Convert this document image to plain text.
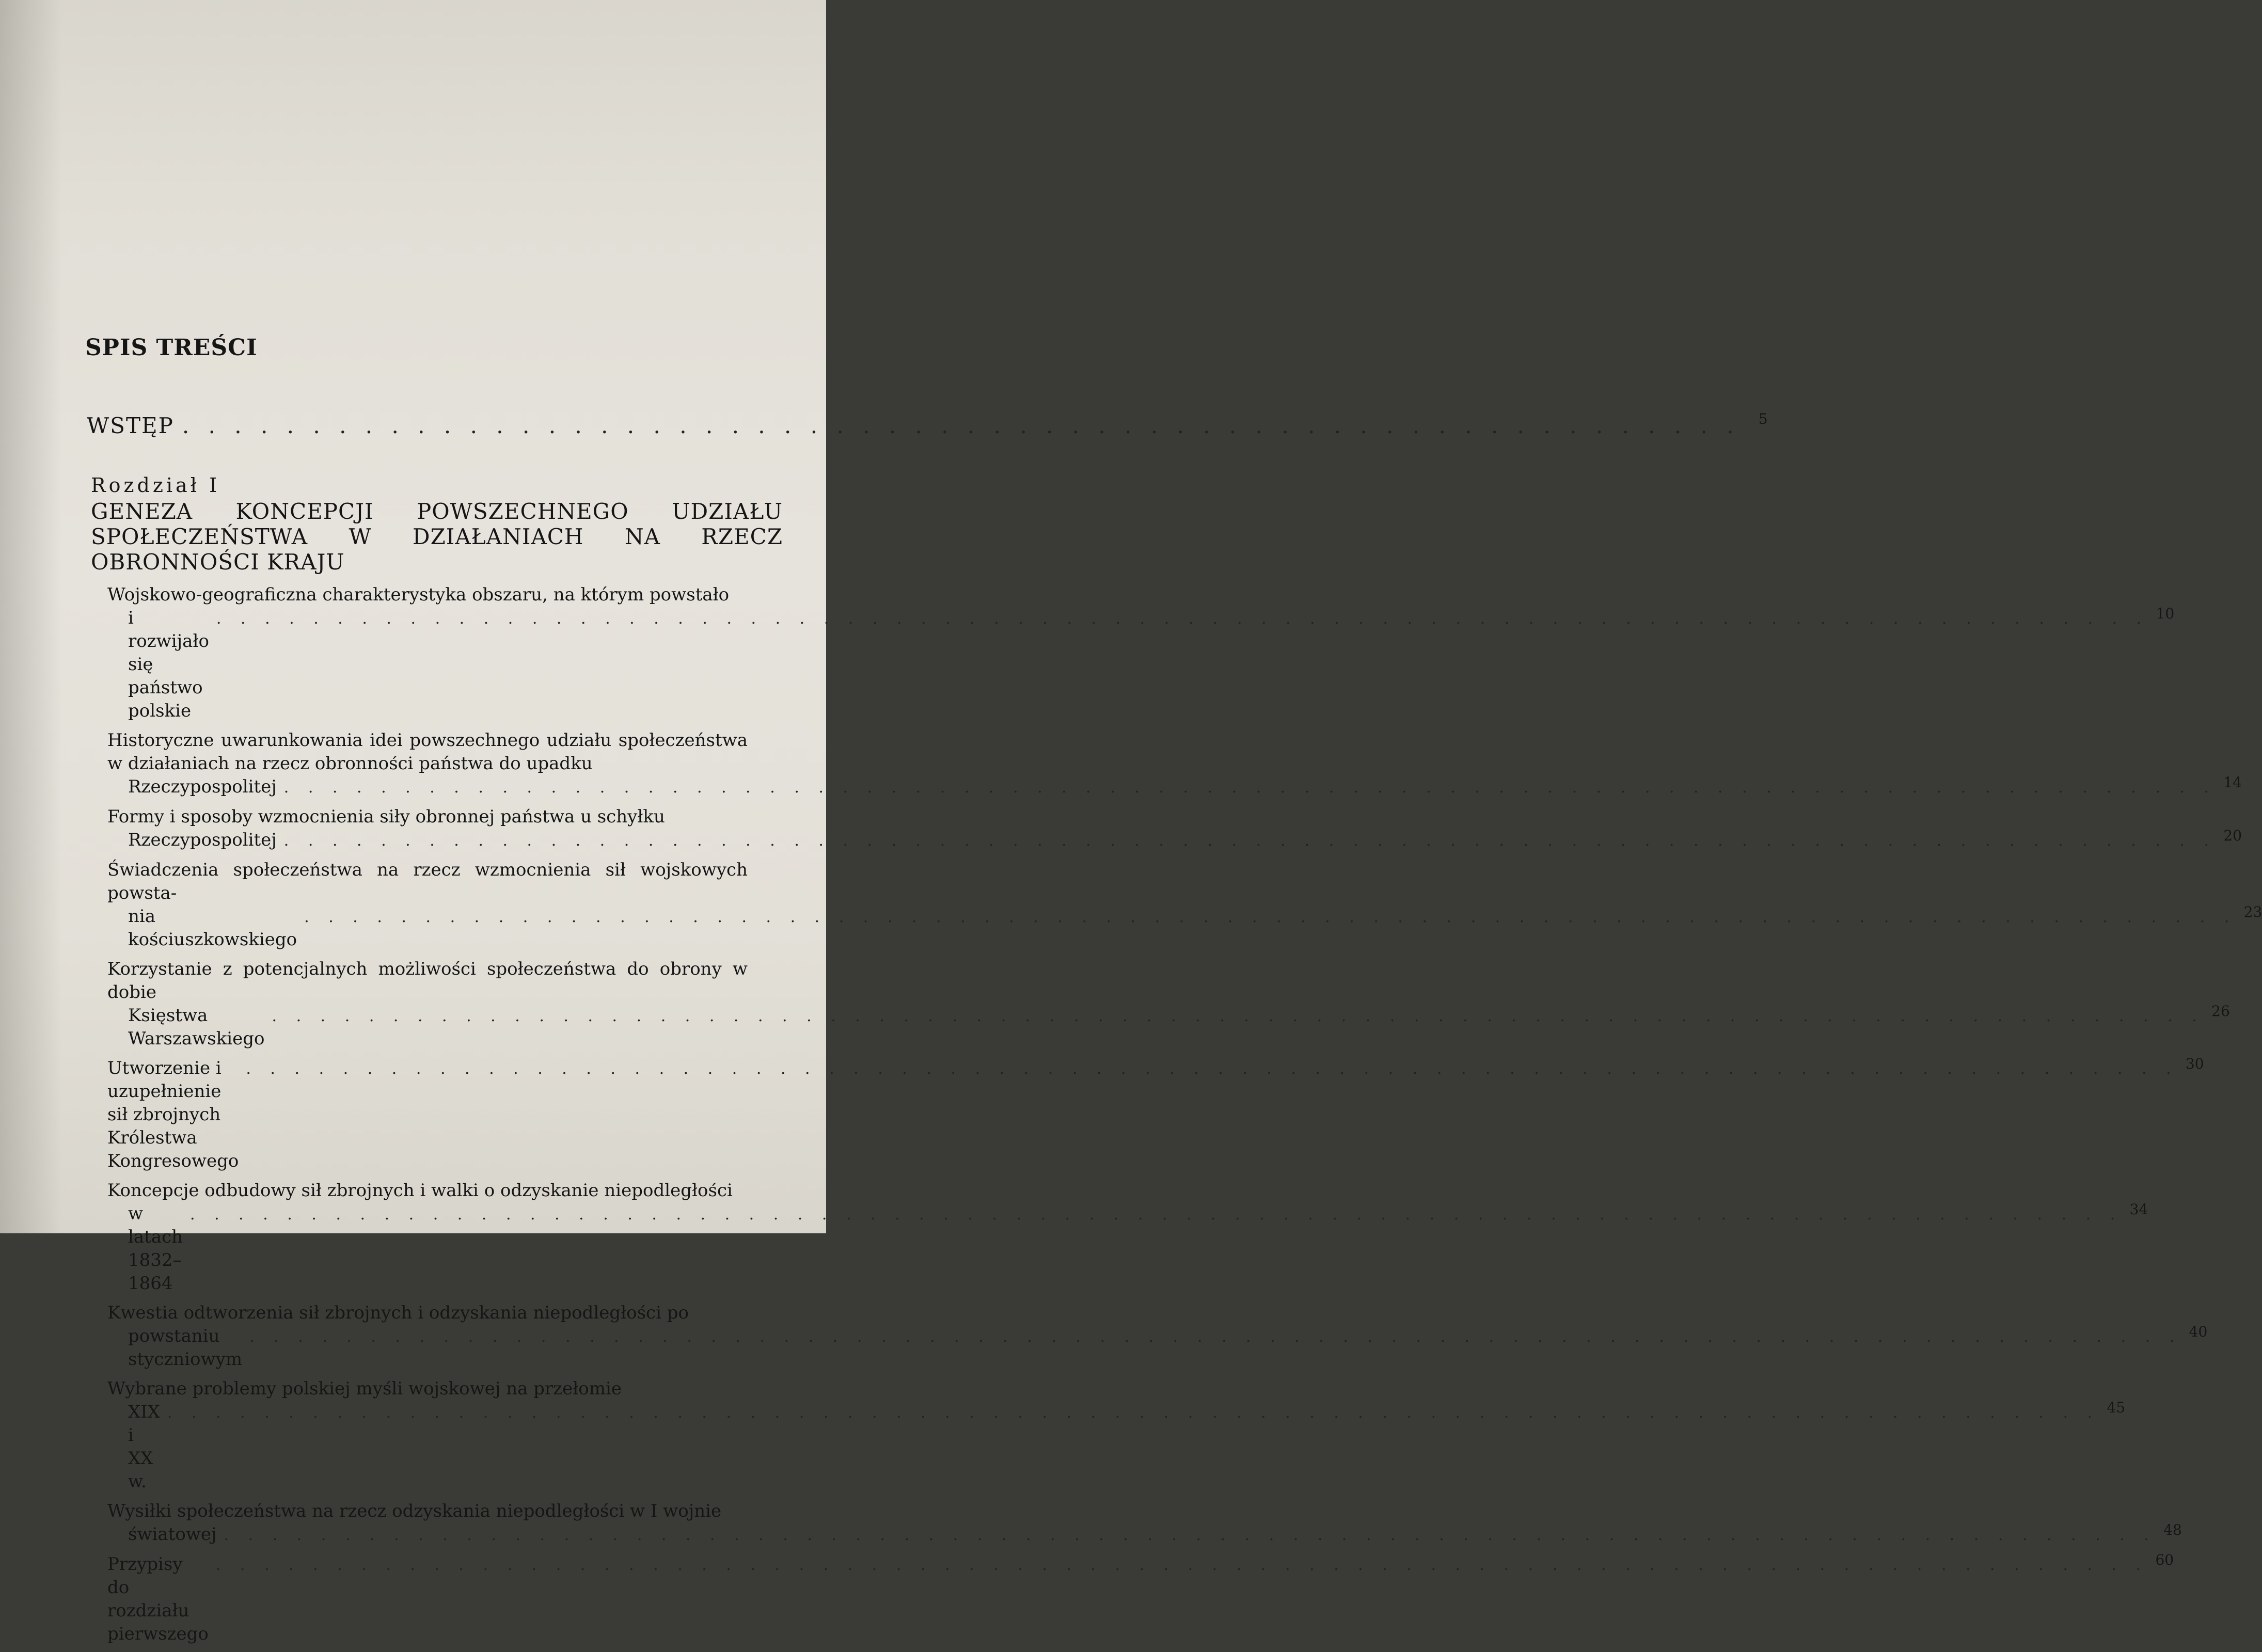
SPIS TREŚCI
WSTĘP . . . . . . . . . . . . . . . . . . . . . . . . . . . . . . . . . . . . . . . . . . . . . . . . . . . . . . . . . . . .	5
Rozdział I
GENEZA KONCEPCJI POWSZECHNEGO UDZIAŁU SPOŁECZEŃSTWA W DZIAŁANIACH NA RZECZ OBRONNOŚCI KRAJU
Wojskowo-geograficzna charakterystyka obszaru, na którym powstało
i rozwijało się państwo polskie
. . . . . . . . . . . . . . . . . . . . . . . . . . . . . . . . . . . . . . . . . . . . . . . . . . . . . . . . . . . . . . . . . . . . . . . . . . . . . . . . 10
Historyczne uwarunkowania idei powszechnego udziału społeczeństwa w działaniach na rzecz obronności państwa do upadku
Rzeczypospolitej . . . . . . . . . . . . . . . . . . . . . . . . . . . . . . . . . . . . . . . . . . . . . . . . . . . . . . . . . . . . . . . . . . . . . . . . . . . . . . . . 14
Formy i sposoby wzmocnienia siły obronnej państwa u schyłku
Rzeczypospolitej . . . . . . . . . . . . . . . . . . . . . . . . . . . . . . . . . . . . . . . . . . . . . . . . . . . . . . . . . . . . . . . . . . . . . . . . . . . . . . . . 20
Świadczenia społeczeństwa na rzecz wzmocnienia sił wojskowych powsta-
nia kościuszkowskiego
. . . . . . . . . . . . . . . . . . . . . . . . . . . . . . . . . . . . . . . . . . . . . . . . . . . . . . . . . . . . . . . . . . . . . . . . . . . . . . . . 23
Korzystanie z potencjalnych możliwości społeczeństwa do obrony w dobie
Księstwa Warszawskiego
. . . . . . . . . . . . . . . . . . . . . . . . . . . . . . . . . . . . . . . . . . . . . . . . . . . . . . . . . . . . . . . . . . . . . . . . . . . . . . . . 26
Utworzenie i uzupełnienie sił zbrojnych Królestwa Kongresowego
. . . . . . . . . . . . . . . . . . . . . . . . . . . . . . . . . . . . . . . . . . . . . . . . . . . . . . . . . . . . . . . . . . . . . . . . . . . . . . . . 30
Koncepcje odbudowy sił zbrojnych i walki o odzyskanie niepodległości
w latach 1832–1864
. . . . . . . . . . . . . . . . . . . . . . . . . . . . . . . . . . . . . . . . . . . . . . . . . . . . . . . . . . . . . . . . . . . . . . . . . . . . . . . . 34
Kwestia odtworzenia sił zbrojnych i odzyskania niepodległości po
powstaniu styczniowym
. . . . . . . . . . . . . . . . . . . . . . . . . . . . . . . . . . . . . . . . . . . . . . . . . . . . . . . . . . . . . . . . . . . . . . . . . . . . . . . . 40
Wybrane problemy polskiej myśli wojskowej na przełomie
XIX i XX w.
. . . . . . . . . . . . . . . . . . . . . . . . . . . . . . . . . . . . . . . . . . . . . . . . . . . . . . . . . . . . . . . . . . . . . . . . . . . . . . . . 45
Wysiłki społeczeństwa na rzecz odzyskania niepodległości w I wojnie
światowej . . . . . . . . . . . . . . . . . . . . . . . . . . . . . . . . . . . . . . . . . . . . . . . . . . . . . . . . . . . . . . . . . . . . . . . . . . . . . . . . 48
Przypisy do rozdziału pierwszego
. . . . . . . . . . . . . . . . . . . . . . . . . . . . . . . . . . . . . . . . . . . . . . . . . . . . . . . . . . . . . . . . . . . . . . . . . . . . . . . . 60
